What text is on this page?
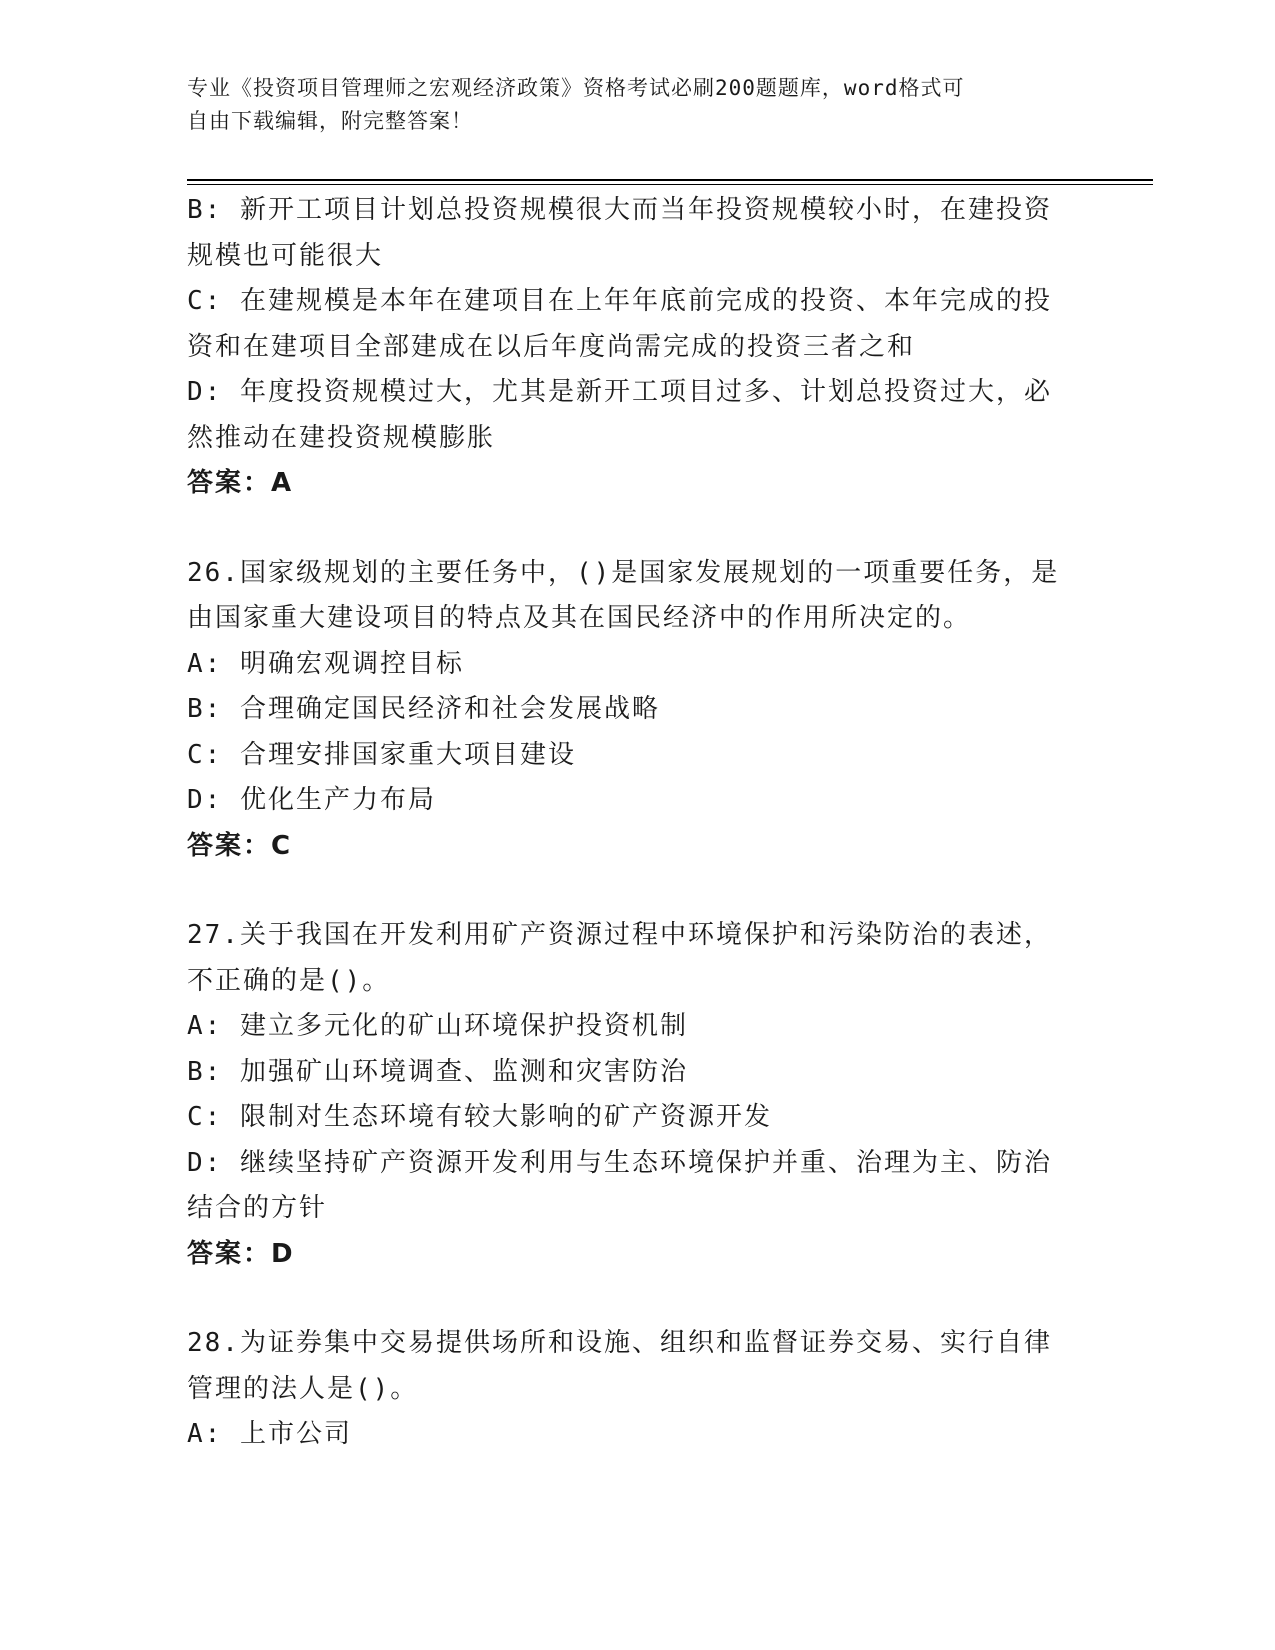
专业《投资项目管理师之宏观经济政策》资格考试必刷200题题库，word格式可
自由下载编辑，附完整答案！
B: 新开工项目计划总投资规模很大而当年投资规模较小时，在建投资
规模也可能很大
C: 在建规模是本年在建项目在上年年底前完成的投资、本年完成的投
资和在建项目全部建成在以后年度尚需完成的投资三者之和
D: 年度投资规模过大，尤其是新开工项目过多、计划总投资过大，必
然推动在建投资规模膨胀
答案：A
26.国家级规划的主要任务中，()是国家发展规划的一项重要任务，是
由国家重大建设项目的特点及其在国民经济中的作用所决定的。
A: 明确宏观调控目标
B: 合理确定国民经济和社会发展战略
C: 合理安排国家重大项目建设
D: 优化生产力布局
答案：C
27.关于我国在开发利用矿产资源过程中环境保护和污染防治的表述，
不正确的是()。
A: 建立多元化的矿山环境保护投资机制
B: 加强矿山环境调查、监测和灾害防治
C: 限制对生态环境有较大影响的矿产资源开发
D: 继续坚持矿产资源开发利用与生态环境保护并重、治理为主、防治
结合的方针
答案：D
28.为证券集中交易提供场所和设施、组织和监督证券交易、实行自律
管理的法人是()。
A: 上市公司
